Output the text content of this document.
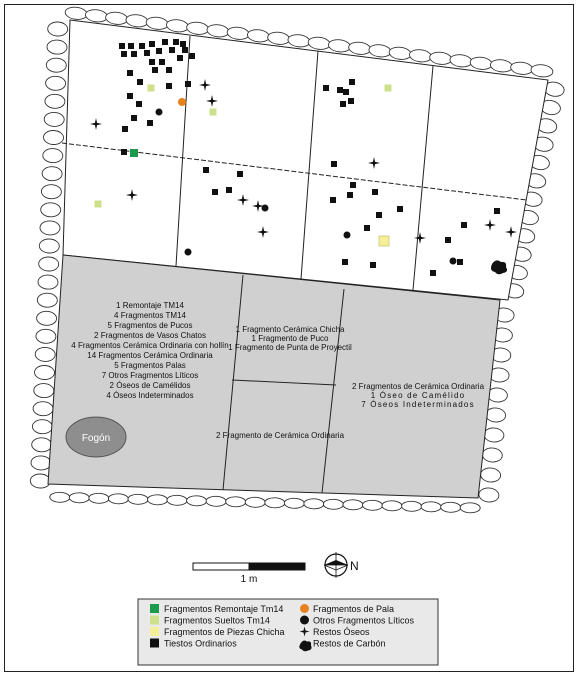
Fogón
1 Remontaje TM14
4 Fragmentos TM14
5 Fragmentos de Pucos
2 Fragmentos de Vasos Chatos
4 Fragmentos Cerámica Ordinaria con hollín
14 Fragmentos Cerámica Ordinaria
5 Fragmentos Palas
7 Otros Fragmentos Líticos
2 Óseos de Camélidos
4 Óseos Indeterminados
1 Fragmento Cerámica Chicha
1 Fragmento de Puco
1 Fragmento de Punta de Proyectil
2 Fragmento de Cerámica Ordinaria
2 Fragmentos de Cerámica Ordinaria
1 Óseo de Camélido
7 Óseos Indeterminados
1 m
N
Fragmentos Remontaje Tm14
Fragmentos Sueltos Tm14
Fragmentos de Piezas Chicha
Tiestos Ordinarios
Fragmentos de Pala
Otros Fragmentos Líticos
Restos Óseos
Restos de Carbón
